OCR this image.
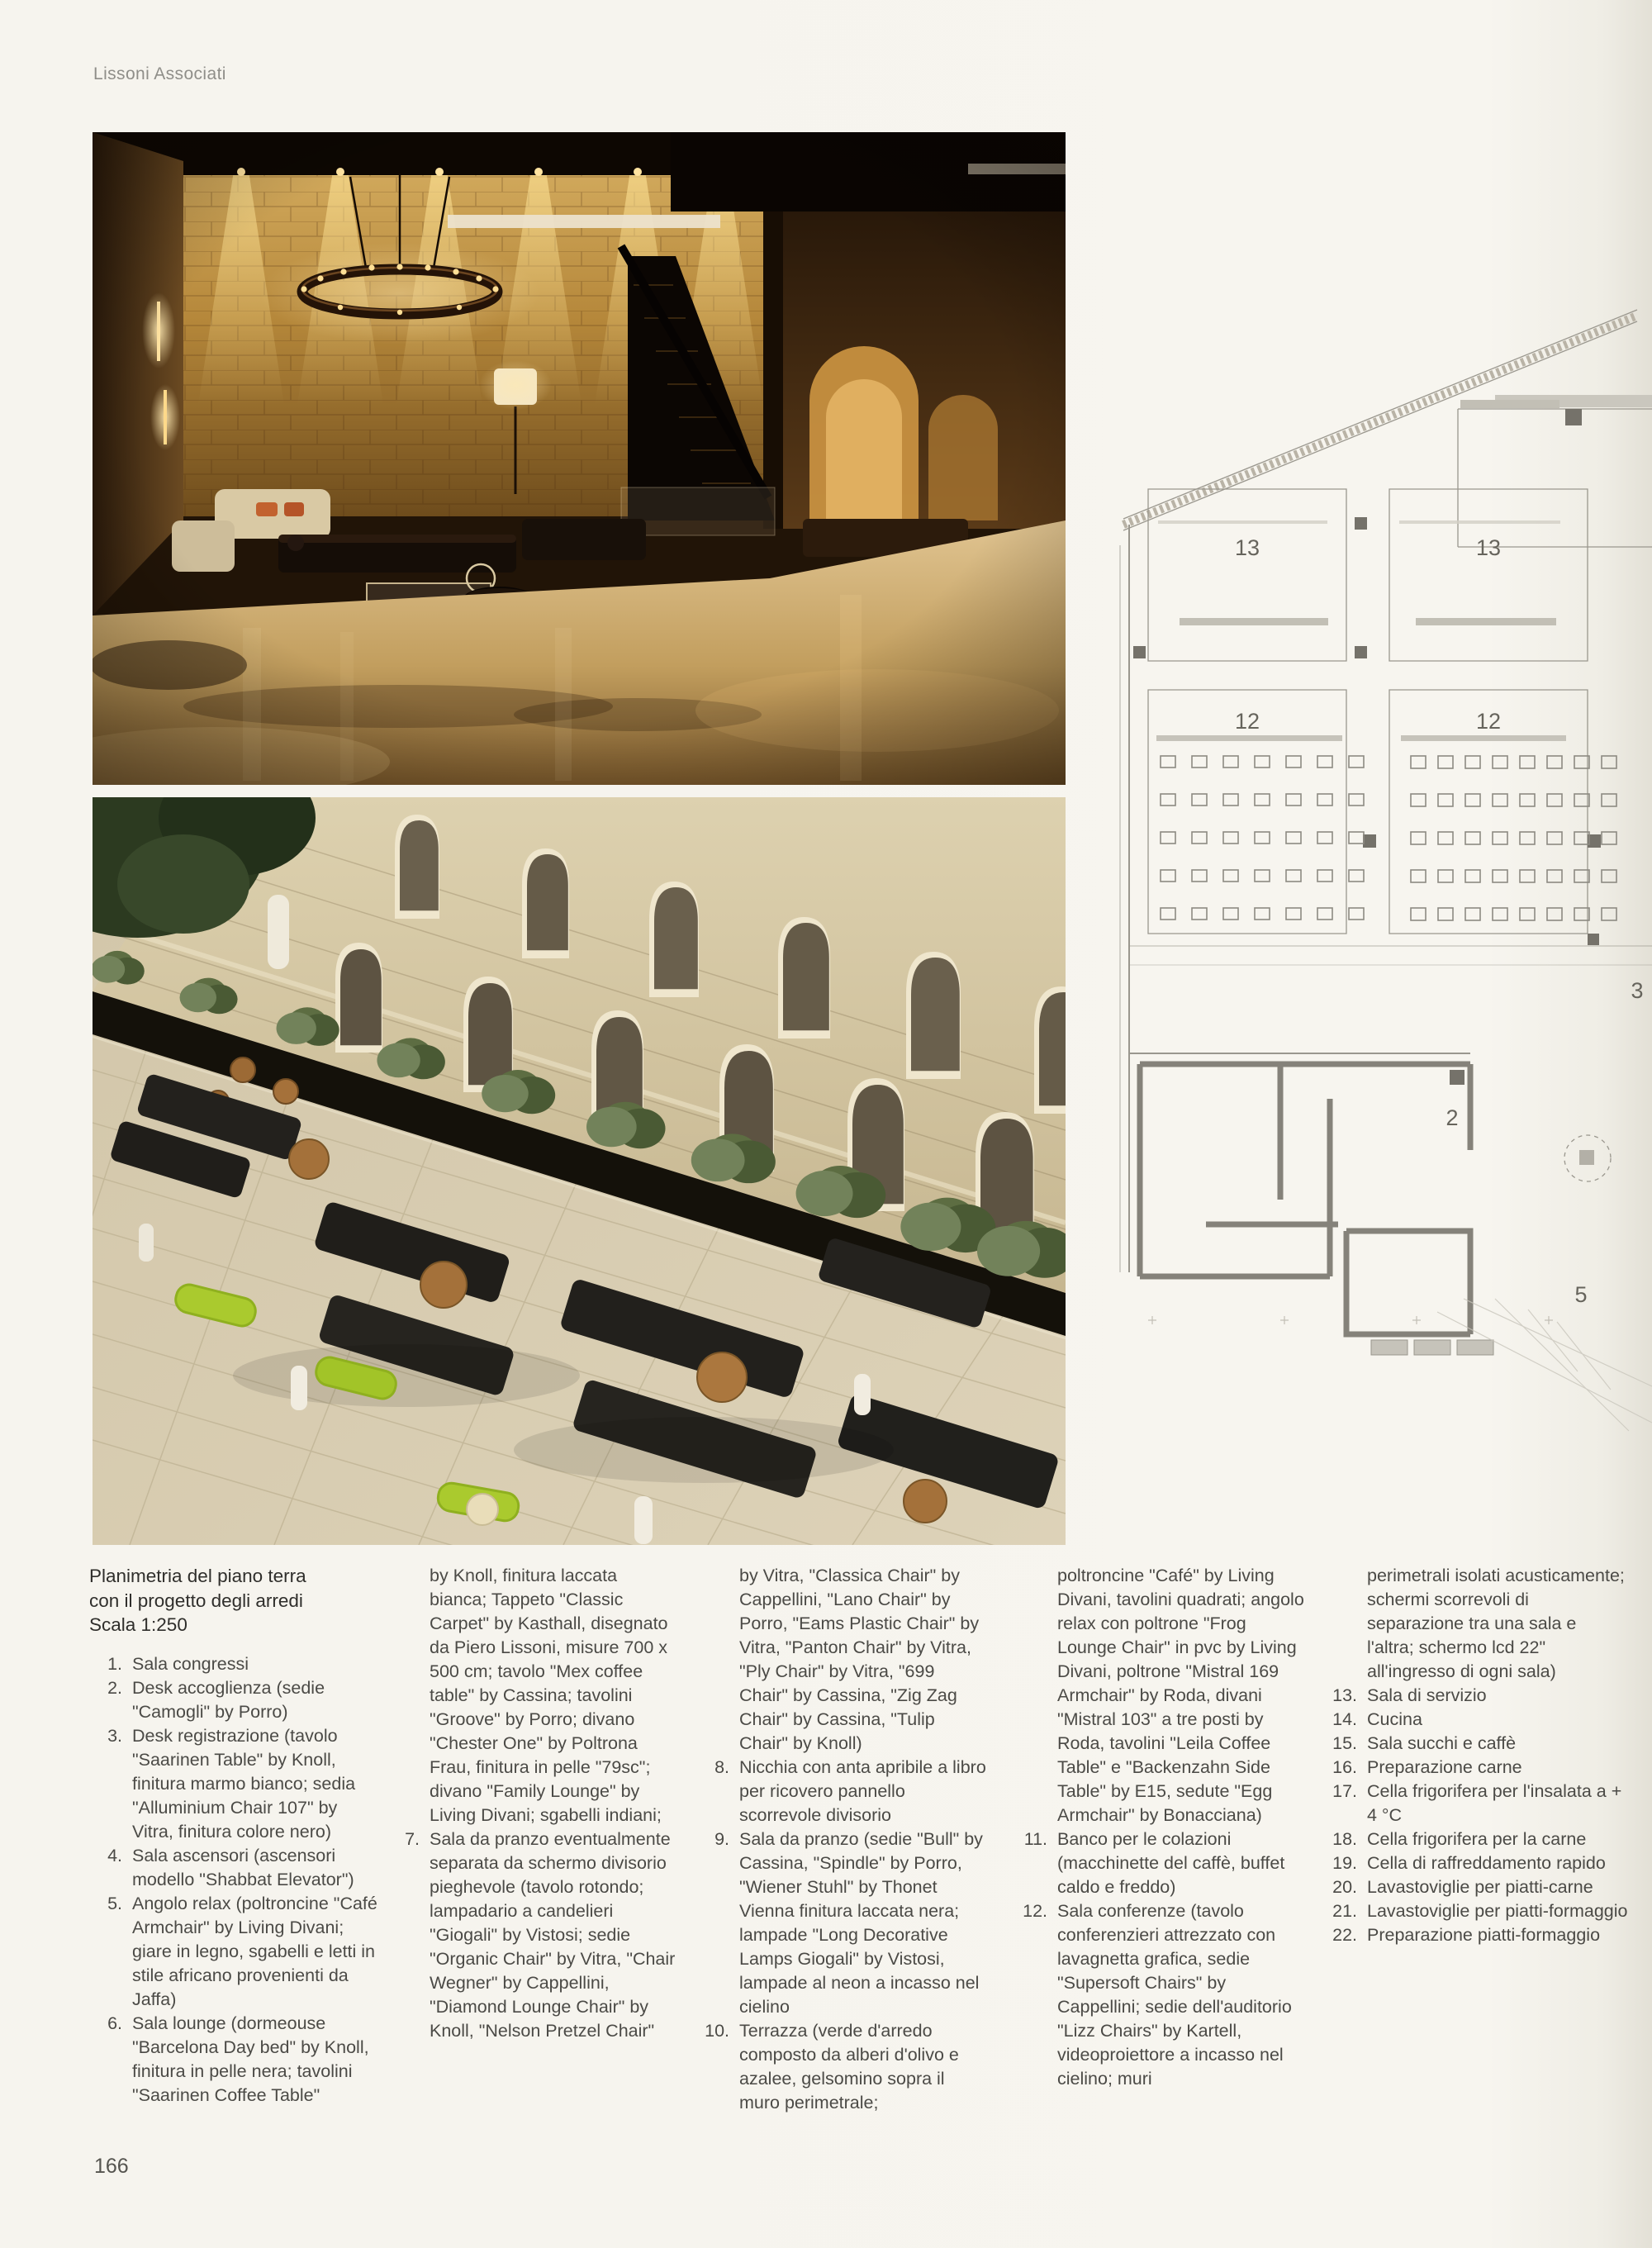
Lissoni Associati
13	13
12	12
2
3
5

Planimetria del piano terra
con il progetto degli arredi
Scala 1:250

1. Sala congressi
2. Desk accoglienza (sedie "Camogli" by Porro)
3. Desk registrazione (tavolo "Saarinen Table" by Knoll, finitura marmo bianco; sedia "Alluminium Chair 107" by Vitra, finitura colore nero)
4. Sala ascensori (ascensori modello "Shabbat Elevator")
5. Angolo relax (poltroncine "Café Armchair" by Living Divani; giare in legno, sgabelli e letti in stile africano provenienti da Jaffa)
6. Sala lounge (dormeouse "Barcelona Day bed" by Knoll, finitura in pelle nera; tavolini "Saarinen Coffee Table"

by Knoll, finitura laccata bianca; Tappeto "Classic Carpet" by Kasthall, disegnato da Piero Lissoni, misure 700 x 500 cm; tavolo "Mex coffee table" by Cassina; tavolini "Groove" by Porro; divano "Chester One" by Poltrona Frau, finitura in pelle "79sc"; divano "Family Lounge" by Living Divani; sgabelli indiani;

7. Sala da pranzo eventualmente separata da schermo divisorio pieghevole (tavolo rotondo; lampadario a candelieri "Giogali" by Vistosi; sedie "Organic Chair" by Vitra, "Chair Wegner" by Cappellini, "Diamond Lounge Chair" by Knoll, "Nelson Pretzel Chair"

by Vitra, "Classica Chair" by Cappellini, "Lano Chair" by Porro, "Eams Plastic Chair" by Vitra, "Panton Chair" by Vitra, "Ply Chair" by Vitra, "699 Chair" by Cassina, "Zig Zag Chair" by Cassina, "Tulip Chair" by Knoll)

8. Nicchia con anta apribile a libro per ricovero pannello scorrevole divisorio
9. Sala da pranzo (sedie "Bull" by Cassina, "Spindle" by Porro, "Wiener Stuhl" by Thonet Vienna finitura laccata nera; lampade "Long Decorative Lamps Giogali" by Vistosi, lampade al neon a incasso nel cielino
10. Terrazza (verde d'arredo composto da alberi d'olivo e azalee, gelsomino sopra il muro perimetrale;

poltroncine "Café" by Living Divani, tavolini quadrati; angolo relax con poltrone "Frog Lounge Chair" in pvc by Living Divani, poltrone "Mistral 169 Armchair" by Roda, divani "Mistral 103" a tre posti by Roda, tavolini "Leila Coffee Table" e "Backenzahn Side Table" by E15, sedute "Egg Armchair" by Bonacciana)

11. Banco per le colazioni (macchinette del caffè, buffet caldo e freddo)
12. Sala conferenze (tavolo conferenzieri attrezzato con lavagnetta grafica, sedie "Supersoft Chairs" by Cappellini; sedie dell'auditorio "Lizz Chairs" by Kartell, videoproiettore a incasso nel cielino; muri

perimetrali isolati acusticamente; schermi scorrevoli di separazione tra una sala e l'altra; schermo lcd 22" all'ingresso di ogni sala)

13. Sala di servizio
14. Cucina
15. Sala succhi e caffè
16. Preparazione carne
17. Cella frigorifera per l'insalata a + 4 °C
18. Cella frigorifera per la carne
19. Cella di raffreddamento rapido
20. Lavastoviglie per piatti-carne
21. Lavastoviglie per piatti-formaggio
22. Preparazione piatti-formaggio
166
